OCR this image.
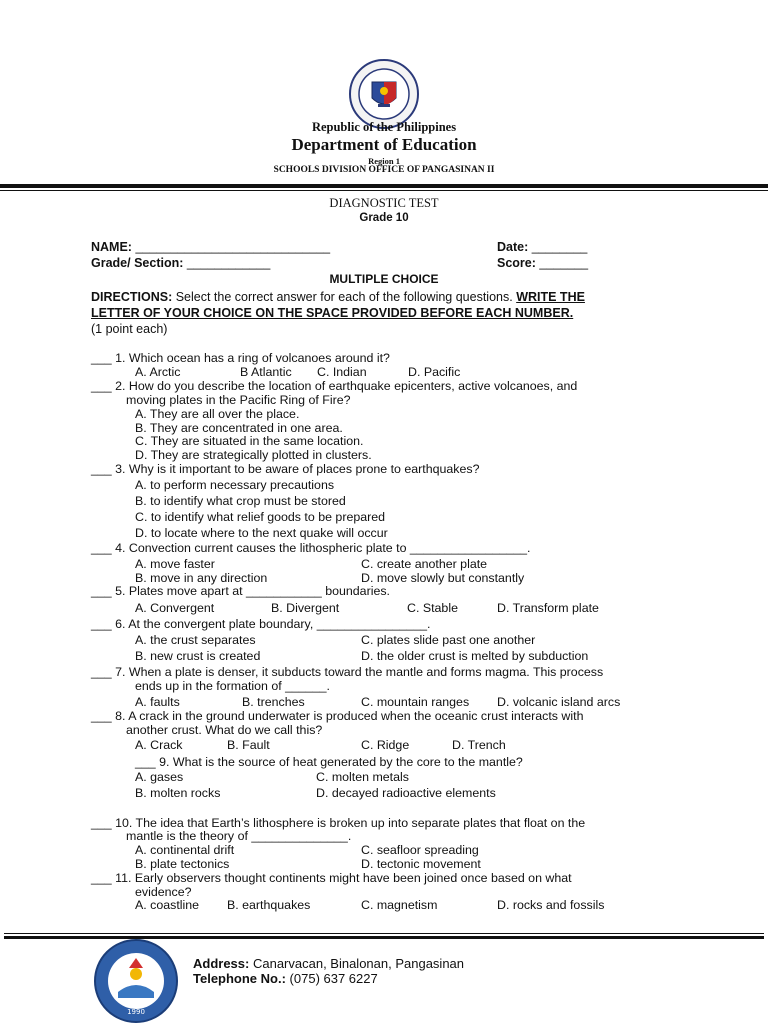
Republic of the Philippines
Department of Education
Region 1
SCHOOLS DIVISION OFFICE OF PANGASINAN II
DIAGNOSTIC TEST
Grade 10
NAME: ____________________________	Date: ________
Grade/ Section: ____________	Score: _______
MULTIPLE CHOICE
DIRECTIONS: Select the correct answer for each of the following questions. WRITE THE
LETTER OF YOUR CHOICE ON THE SPACE PROVIDED BEFORE EACH NUMBER.
(1 point each)
___ 1. Which ocean has a ring of volcanoes around it?
A. Arctic	B Atlantic C. Indian	D. Pacific
___ 2. How do you describe the location of earthquake epicenters, active volcanoes, and
moving plates in the Pacific Ring of Fire?
A. They are all over the place.
B. They are concentrated in one area.
C. They are situated in the same location.
D. They are strategically plotted in clusters.
___ 3. Why is it important to be aware of places prone to earthquakes?
A. to perform necessary precautions
B. to identify what crop must be stored
C. to identify what relief goods to be prepared
D. to locate where to the next quake will occur
___ 4. Convection current causes the lithospheric plate to _________________.
A. move faster	C. create another plate
B. move in any direction	D. move slowly but constantly
___ 5. Plates move apart at ___________ boundaries.
A. Convergent	B. Divergent	C. Stable	D. Transform plate
___ 6. At the convergent plate boundary, ________________.
A. the crust separates	C. plates slide past one another
B. new crust is created	D. the older crust is melted by subduction
___ 7. When a plate is denser, it subducts toward the mantle and forms magma. This process
ends up in the formation of ______.
A. faults	B. trenches	C. mountain ranges D. volcanic island arcs
___ 8. A crack in the ground underwater is produced when the oceanic crust interacts with
another crust. What do we call this?
A. Crack	B. Fault	C. Ridge	D. Trench
___ 9. What is the source of heat generated by the core to the mantle?
A. gases	C. molten metals
B. molten rocks	D. decayed radioactive elements
___ 10. The idea that Earth’s lithosphere is broken up into separate plates that float on the
mantle is the theory of ______________.
A. continental drift	C. seafloor spreading
B. plate tectonics	D. tectonic movement
___ 11. Early observers thought continents might have been joined once based on what
evidence?
A. coastline B. earthquakes	C. magnetism	D. rocks and fossils
1990
Address: Canarvacan, Binalonan, Pangasinan
Telephone No.: (075) 637 6227
